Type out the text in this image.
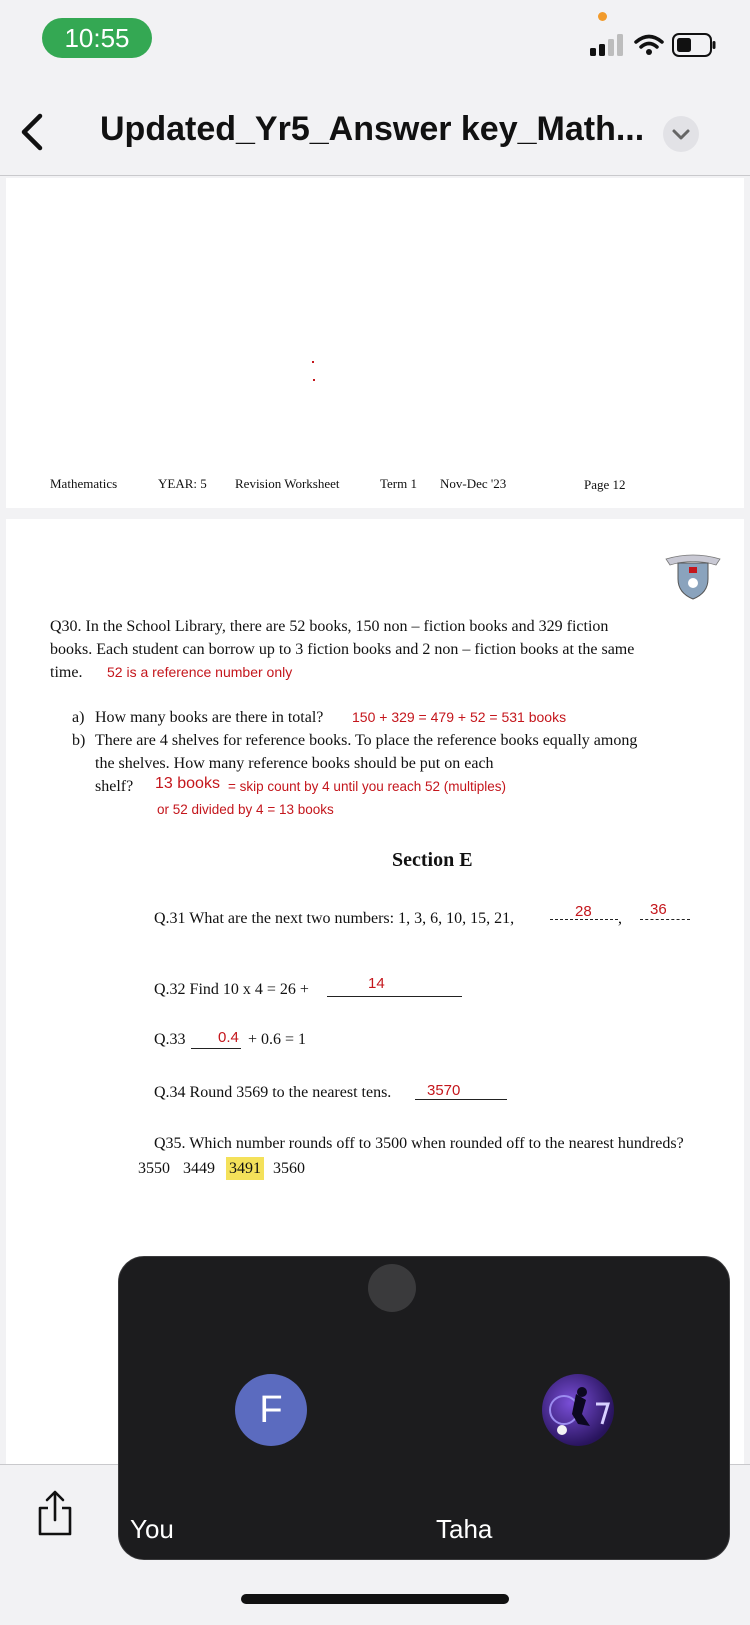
10:55
Updated_Yr5_Answer key_Math...
Mathematics	YEAR: 5 Revision Worksheet	Term 1 Nov-Dec '23	Page 12
Q30. In the School Library, there are 52 books, 150 non – fiction books and 329 fiction
books. Each student can borrow up to 3 fiction books and 2 non – fiction books at the same
time. 52 is a reference number only
a) How many books are there in total? 150 + 329 = 479 + 52 = 531 books
b) There are 4 shelves for reference books. To place the reference books equally among
the shelves. How many reference books should be put on each
shelf? 13 books = skip count by 4 until you reach 52 (multiples)
or 52 divided by 4 = 13 books
Section E
Q.31 What are the next two numbers: 1, 3, 6, 10, 15, 21,	,
28	36
Q.32 Find 10 x 4 = 26 +	14
Q.33 0.4 + 0.6 = 1
Q.34 Round 3569 to the nearest tens. 3570
Q35. Which number rounds off to 3500 when rounded off to the nearest hundreds?
3550 3449 3491 3560
F
You	Taha
